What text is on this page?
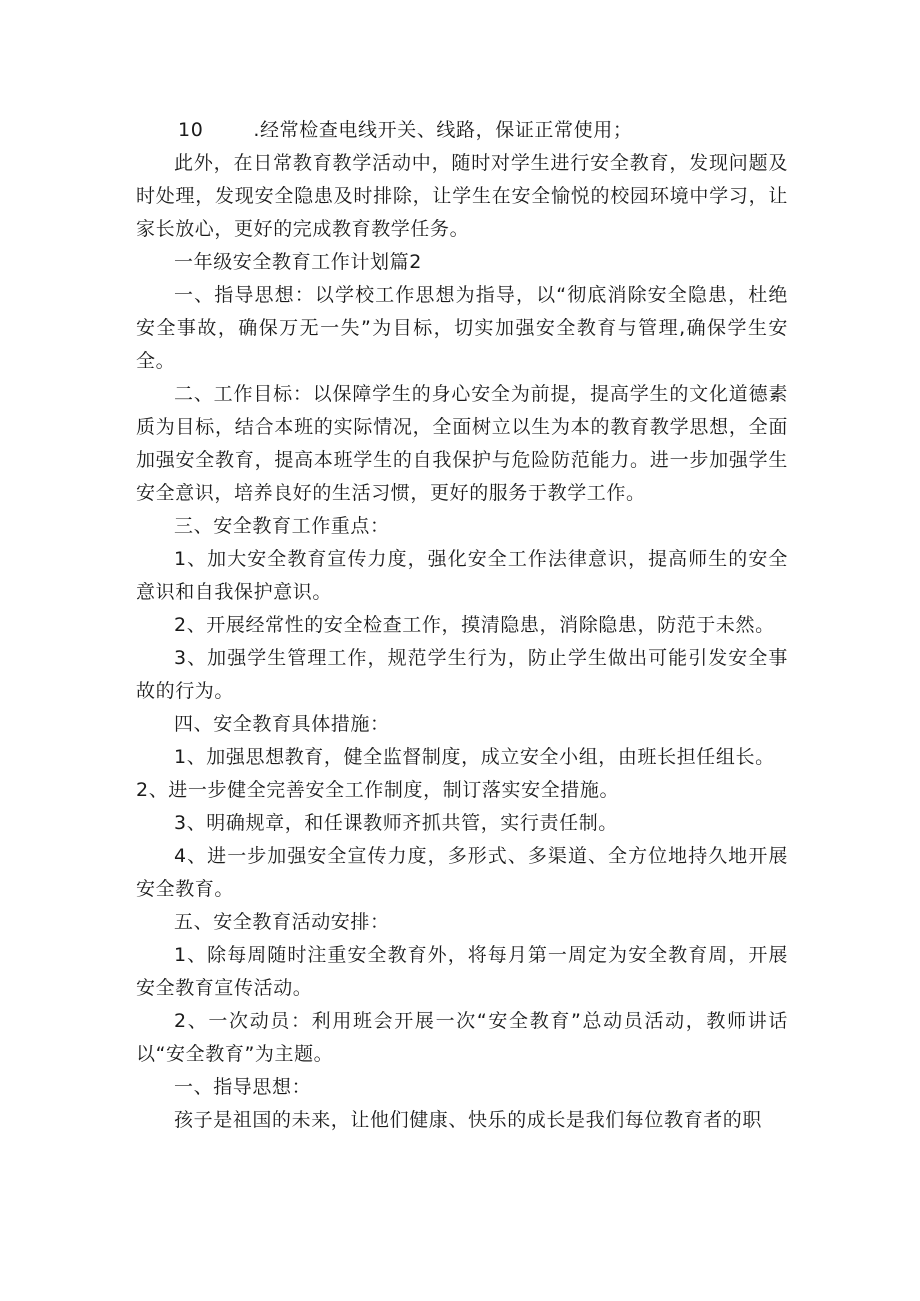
10	.经常检查电线开关、线路，保证正常使用；

此外，在日常教育教学活动中，随时对学生进行安全教育，发现问题及时处理，发现安全隐患及时排除，让学生在安全愉悦的校园环境中学习，让家长放心，更好的完成教育教学任务。

一年级安全教育工作计划篇2

一、指导思想：以学校工作思想为指导，以“彻底消除安全隐患，杜绝安全事故，确保万无一失”为目标，切实加强安全教育与管理,确保学生安全。

二、工作目标：以保障学生的身心安全为前提，提高学生的文化道德素质为目标，结合本班的实际情况，全面树立以生为本的教育教学思想，全面加强安全教育，提高本班学生的自我保护与危险防范能力。进一步加强学生安全意识，培养良好的生活习惯，更好的服务于教学工作。

三、安全教育工作重点：

1、加大安全教育宣传力度，强化安全工作法律意识，提高师生的安全意识和自我保护意识。

2、开展经常性的安全检查工作，摸清隐患，消除隐患，防范于未然。

3、加强学生管理工作，规范学生行为，防止学生做出可能引发安全事故的行为。

四、安全教育具体措施：

1、加强思想教育，健全监督制度，成立安全小组，由班长担任组长。

2、进一步健全完善安全工作制度，制订落实安全措施。

3、明确规章，和任课教师齐抓共管，实行责任制。

4、进一步加强安全宣传力度，多形式、多渠道、全方位地持久地开展安全教育。

五、安全教育活动安排：

1、除每周随时注重安全教育外，将每月第一周定为安全教育周，开展安全教育宣传活动。

2、一次动员：利用班会开展一次“安全教育”总动员活动，教师讲话以“安全教育”为主题。

一、指导思想：

孩子是祖国的未来，让他们健康、快乐的成长是我们每位教育者的职
